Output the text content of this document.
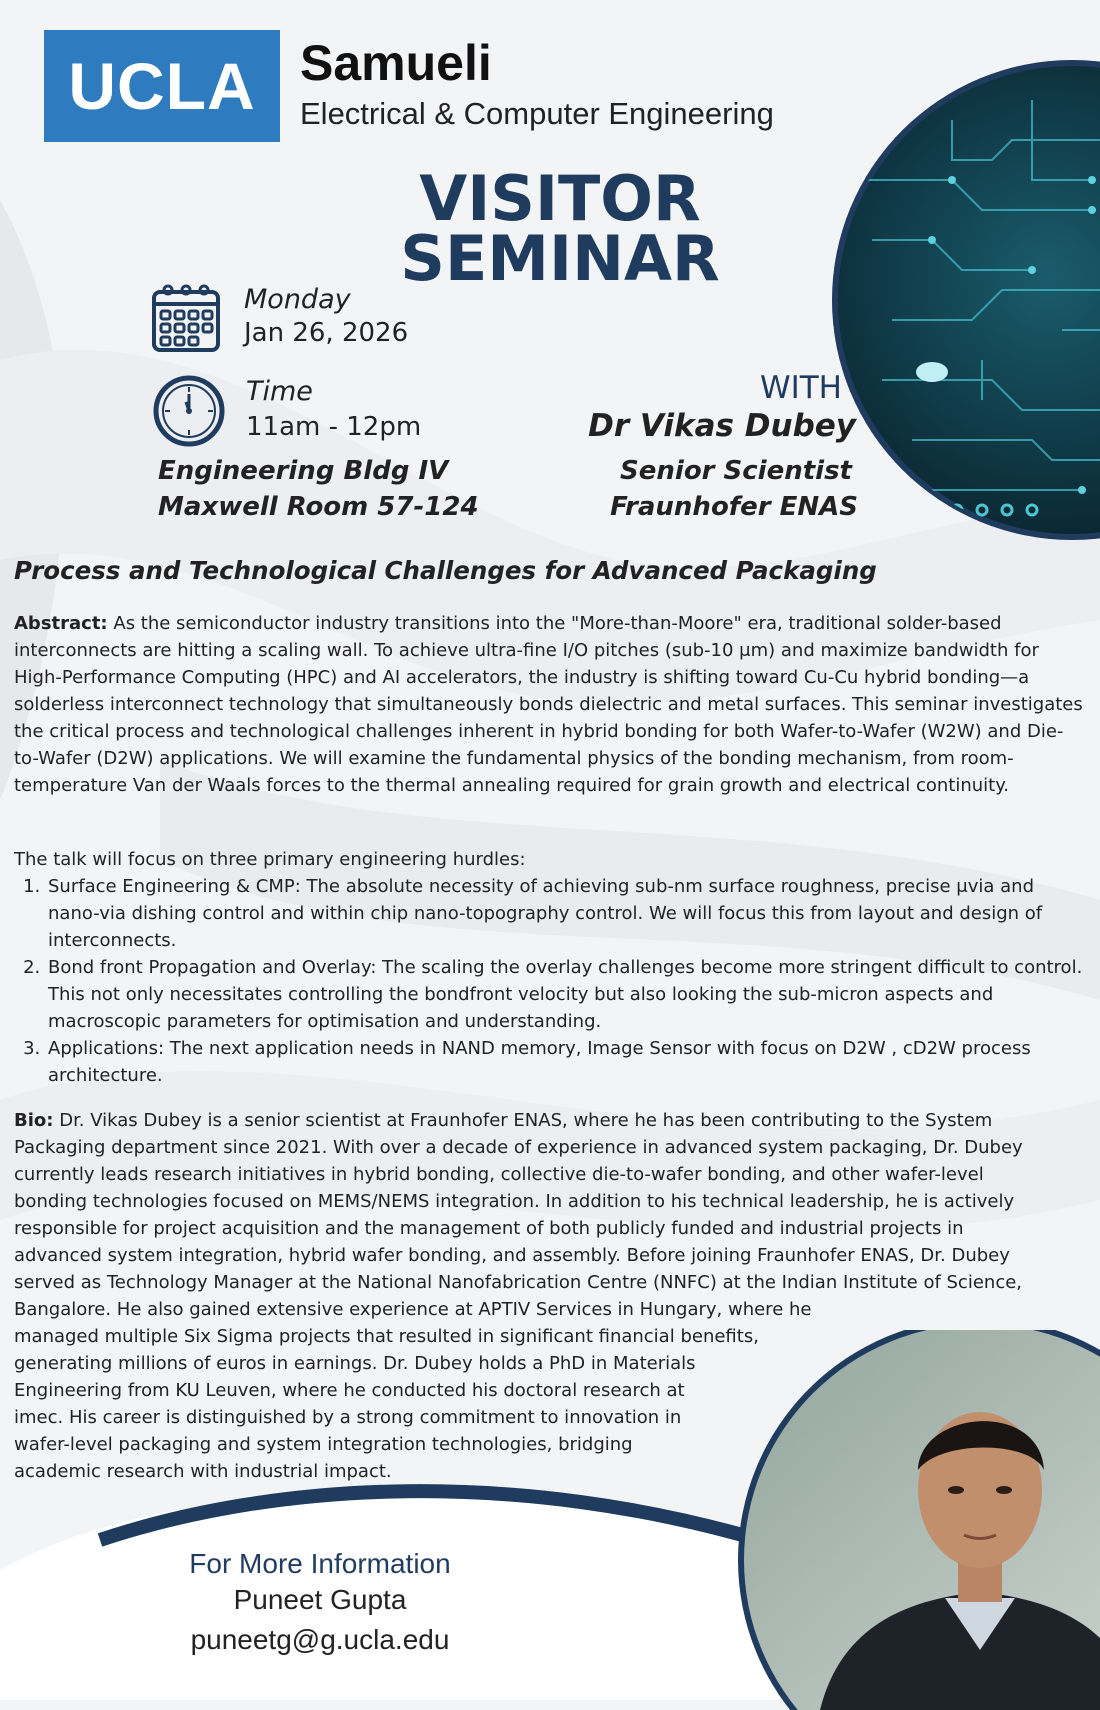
UCLA Samueli
Electrical & Computer Engineering
VISITOR
SEMINAR
Monday
Jan 26, 2026
Time
11am - 12pm
Engineering Bldg IV
Maxwell Room 57-124
WITH
Dr Vikas Dubey
Senior Scientist
Fraunhofer ENAS
Process and Technological Challenges for Advanced Packaging
Abstract: As the semiconductor industry transitions into the "More-than-Moore" era, traditional solder-based interconnects are hitting a scaling wall. To achieve ultra-fine I/O pitches (sub-10 μm) and maximize bandwidth for High-Performance Computing (HPC) and AI accelerators, the industry is shifting toward Cu-Cu hybrid bonding—a solderless interconnect technology that simultaneously bonds dielectric and metal surfaces. This seminar investigates the critical process and technological challenges inherent in hybrid bonding for both Wafer-to-Wafer (W2W) and Die-to-Wafer (D2W) applications. We will examine the fundamental physics of the bonding mechanism, from room-temperature Van der Waals forces to the thermal annealing required for grain growth and electrical continuity.
The talk will focus on three primary engineering hurdles:
1. Surface Engineering & CMP: The absolute necessity of achieving sub-nm surface roughness, precise μvia and nano-via dishing control and within chip nano-topography control. We will focus this from layout and design of interconnects.
2. Bond front Propagation and Overlay: The scaling the overlay challenges become more stringent difficult to control. This not only necessitates controlling the bondfront velocity but also looking the sub-micron aspects and macroscopic parameters for optimisation and understanding.
3. Applications: The next application needs in NAND memory, Image Sensor with focus on D2W , cD2W process architecture.
Bio: Dr. Vikas Dubey is a senior scientist at Fraunhofer ENAS, where he has been contributing to the System
Packaging department since 2021. With over a decade of experience in advanced system packaging, Dr. Dubey
currently leads research initiatives in hybrid bonding, collective die-to-wafer bonding, and other wafer-level
bonding technologies focused on MEMS/NEMS integration. In addition to his technical leadership, he is actively
responsible for project acquisition and the management of both publicly funded and industrial projects in
advanced system integration, hybrid wafer bonding, and assembly. Before joining Fraunhofer ENAS, Dr. Dubey
served as Technology Manager at the National Nanofabrication Centre (NNFC) at the Indian Institute of Science,
Bangalore. He also gained extensive experience at APTIV Services in Hungary, where he
managed multiple Six Sigma projects that resulted in significant financial benefits,
generating millions of euros in earnings. Dr. Dubey holds a PhD in Materials
Engineering from KU Leuven, where he conducted his doctoral research at
imec. His career is distinguished by a strong commitment to innovation in
wafer-level packaging and system integration technologies, bridging
academic research with industrial impact.
For More Information
Puneet Gupta
puneetg@g.ucla.edu
